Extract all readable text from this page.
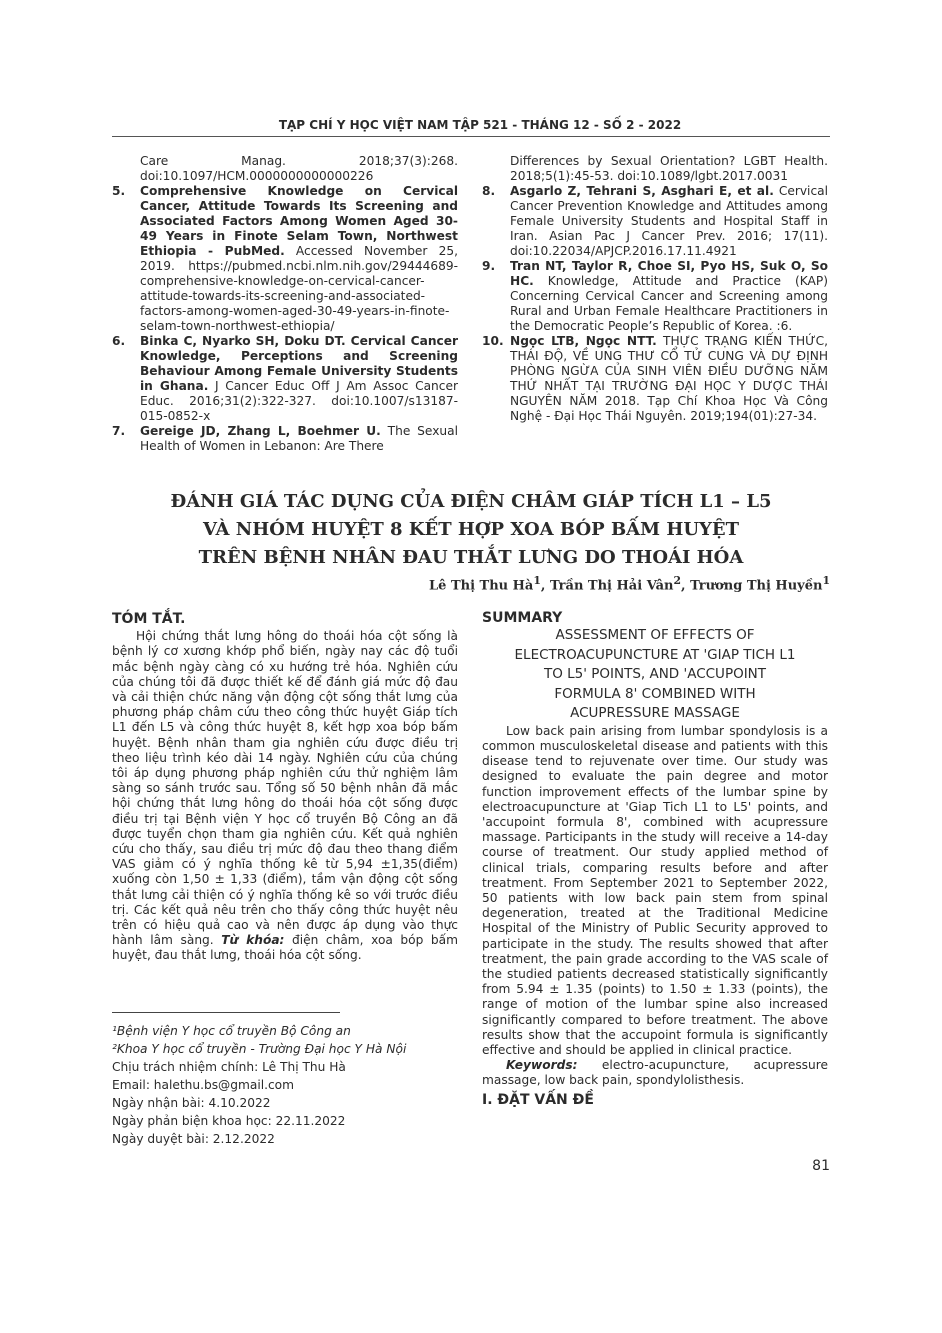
TẠP CHÍ Y HỌC VIỆT NAM TẬP 521 - THÁNG 12 - SỐ 2 - 2022
Care Manag. 2018;37(3):268. doi:10.1097/HCM.0000000000000226
5. Comprehensive Knowledge on Cervical Cancer, Attitude Towards Its Screening and Associated Factors Among Women Aged 30-49 Years in Finote Selam Town, Northwest Ethiopia - PubMed. Accessed November 25, 2019. https://pubmed.ncbi.nlm.nih.gov/29444689-comprehensive-knowledge-on-cervical-cancer-attitude-towards-its-screening-and-associated-factors-among-women-aged-30-49-years-in-finote-selam-town-northwest-ethiopia/
6. Binka C, Nyarko SH, Doku DT. Cervical Cancer Knowledge, Perceptions and Screening Behaviour Among Female University Students in Ghana. J Cancer Educ Off J Am Assoc Cancer Educ. 2016;31(2):322-327. doi:10.1007/s13187-015-0852-x
7. Gereige JD, Zhang L, Boehmer U. The Sexual Health of Women in Lebanon: Are There
Differences by Sexual Orientation? LGBT Health. 2018;5(1):45-53. doi:10.1089/lgbt.2017.0031
8. Asgarlo Z, Tehrani S, Asghari E, et al. Cervical Cancer Prevention Knowledge and Attitudes among Female University Students and Hospital Staff in Iran. Asian Pac J Cancer Prev. 2016; 17(11). doi:10.22034/APJCP.2016.17.11.4921
9. Tran NT, Taylor R, Choe SI, Pyo HS, Suk O, So HC. Knowledge, Attitude and Practice (KAP) Concerning Cervical Cancer and Screening among Rural and Urban Female Healthcare Practitioners in the Democratic People’s Republic of Korea. :6.
10. Ngọc LTB, Ngọc NTT. THỰC TRẠNG KIẾN THỨC, THÁI ĐỘ, VỀ UNG THƯ CỔ TỬ CUNG VÀ DỰ ĐỊNH PHÒNG NGỪA CỦA SINH VIÊN ĐIỀU DƯỠNG NĂM THỨ NHẤT TẠI TRƯỜNG ĐẠI HỌC Y DƯỢC THÁI NGUYÊN NĂM 2018. Tạp Chí Khoa Học Và Công Nghệ - Đại Học Thái Nguyên. 2019;194(01):27-34.
ĐÁNH GIÁ TÁC DỤNG CỦA ĐIỆN CHÂM GIÁP TÍCH L1 – L5
VÀ NHÓM HUYỆT 8 KẾT HỢP XOA BÓP BẤM HUYỆT
TRÊN BỆNH NHÂN ĐAU THẮT LƯNG DO THOÁI HÓA
Lê Thị Thu $Hà^1$, Trần Thị Hải Vân$^2$, Trương Thị Huyền$^1$
TÓM TẮT.
Hội chứng thắt lưng hông do thoái hóa cột sống là bệnh lý cơ xương khớp phổ biến, ngày nay các độ tuổi mắc bệnh ngày càng có xu hướng trẻ hóa. Nghiên cứu của chúng tôi đã được thiết kế để đánh giá mức độ đau và cải thiện chức năng vận động cột sống thắt lưng của phương pháp châm cứu theo công thức huyệt Giáp tích L1 đến L5 và công thức huyệt 8, kết hợp xoa bóp bấm huyệt. Bệnh nhân tham gia nghiên cứu được điều trị theo liệu trình kéo dài 14 ngày. Nghiên cứu của chúng tôi áp dụng phương pháp nghiên cứu thử nghiệm lâm sàng so sánh trước sau. Tổng số 50 bệnh nhân đã mắc hội chứng thắt lưng hông do thoái hóa cột sống được điều trị tại Bệnh viện Y học cổ truyền Bộ Công an đã được tuyển chọn tham gia nghiên cứu. Kết quả nghiên cứu cho thấy, sau điều trị mức độ đau theo thang điểm VAS giảm có ý nghĩa thống kê từ 5,94 ±1,35(điểm) xuống còn 1,50 ± 1,33 (điểm), tầm vận động cột sống thắt lưng cải thiện có ý nghĩa thống kê so với trước điều trị. Các kết quả nêu trên cho thấy công thức huyệt nêu trên có hiệu quả cao và nên được áp dụng vào thực hành lâm sàng. Từ khóa: điện châm, xoa bóp bấm huyệt, đau thắt lưng, thoái hóa cột sống.
SUMMARY
ASSESSMENT OF EFFECTS OF
ELECTROACUPUNCTURE AT 'GIAP TICH L1
TO L5' POINTS, AND 'ACCUPOINT
FORMULA 8' COMBINED WITH
ACUPRESSURE MASSAGE
Low back pain arising from lumbar spondylosis is a common musculoskeletal disease and patients with this disease tend to rejuvenate over time. Our study was designed to evaluate the pain degree and motor function improvement effects of the lumbar spine by electroacupuncture at 'Giap Tich L1 to L5' points, and 'accupoint formula 8', combined with acupressure massage. Participants in the study will receive a 14-day course of treatment. Our study applied method of clinical trials, comparing results before and after treatment. From September 2021 to September 2022, 50 patients with low back pain stem from spinal degeneration, treated at the Traditional Medicine Hospital of the Ministry of Public Security approved to participate in the study. The results showed that after treatment, the pain grade according to the VAS scale of the studied patients decreased statistically significantly from 5.94 ± 1.35 (points) to 1.50 ± 1.33 (points), the range of motion of the lumbar spine also increased significantly compared to before treatment. The above results show that the accupoint formula is significantly effective and should be applied in clinical practice.
Keywords: electro-acupuncture, acupressure massage, low back pain, spondylolisthesis.
I. ĐẶT VẤN ĐỀ
¹Bệnh viện Y học cổ truyền Bộ Công an
²Khoa Y học cổ truyền - Trường Đại học Y Hà Nội
Chịu trách nhiệm chính: Lê Thị Thu Hà
Email: halethu.bs@gmail.com
Ngày nhận bài: 4.10.2022
Ngày phản biện khoa học: 22.11.2022
Ngày duyệt bài: 2.12.2022
81
